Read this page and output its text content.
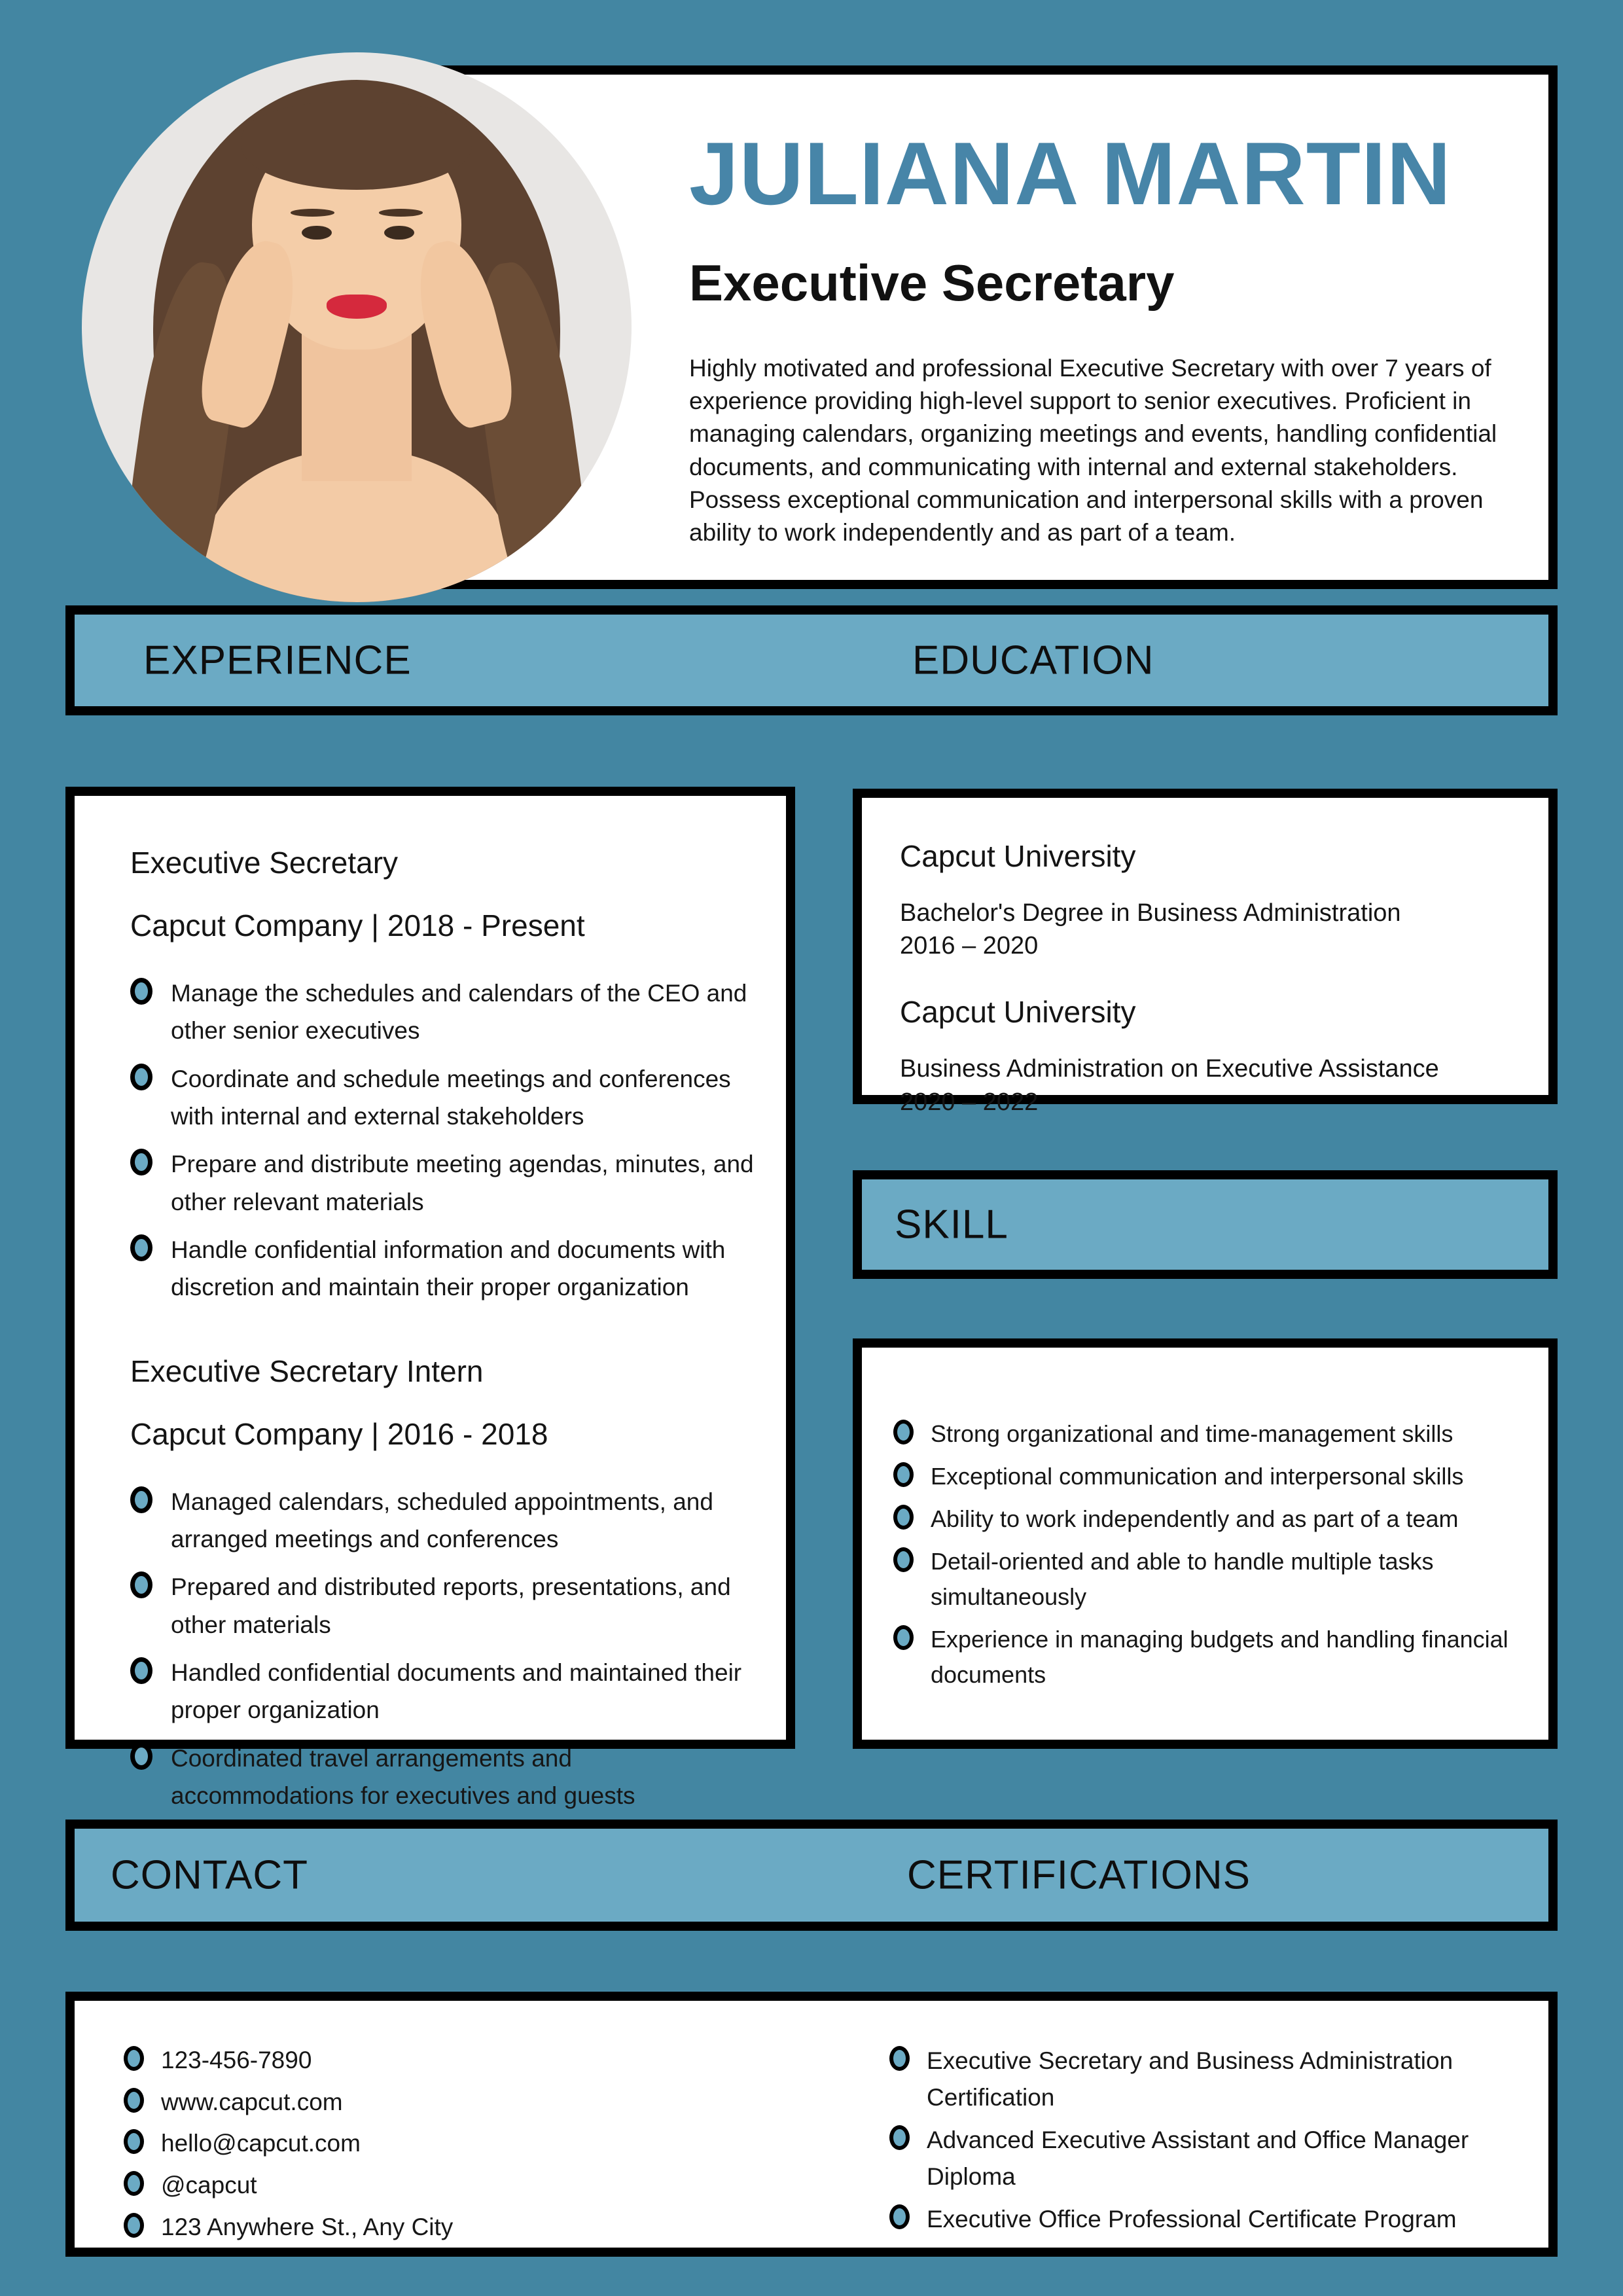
JULIANA MARTIN
Executive Secretary
Highly motivated and professional Executive Secretary with over 7 years of experience providing high-level support to senior executives. Proficient in managing calendars, organizing meetings and events, handling confidential documents, and communicating with internal and external stakeholders. Possess exceptional communication and interpersonal skills with a proven ability to work independently and as part of a team.
EXPERIENCE	EDUCATION
Executive Secretary
Capcut Company | 2018 - Present
Manage the schedules and calendars of the CEO and other senior executives
Coordinate and schedule meetings and conferences with internal and external stakeholders
Prepare and distribute meeting agendas, minutes, and other relevant materials
Handle confidential information and documents with discretion and maintain their proper organization
Executive Secretary Intern
Capcut Company | 2016 - 2018
Managed calendars, scheduled appointments, and arranged meetings and conferences
Prepared and distributed reports, presentations, and other materials
Handled confidential documents and maintained their proper organization
Coordinated travel arrangements and accommodations for executives and guests
Capcut University
Bachelor's Degree in Business Administration
2016 – 2020
Capcut University
Business Administration on Executive Assistance
2020 – 2022
SKILL
Strong organizational and time-management skills
Exceptional communication and interpersonal skills
Ability to work independently and as part of a team
Detail-oriented and able to handle multiple tasks simultaneously
Experience in managing budgets and handling financial documents
CONTACT	CERTIFICATIONS
123-456-7890
www.capcut.com
hello@capcut.com
@capcut
123 Anywhere St., Any City
Executive Secretary and Business Administration Certification
Advanced Executive Assistant and Office Manager Diploma
Executive Office Professional Certificate Program
